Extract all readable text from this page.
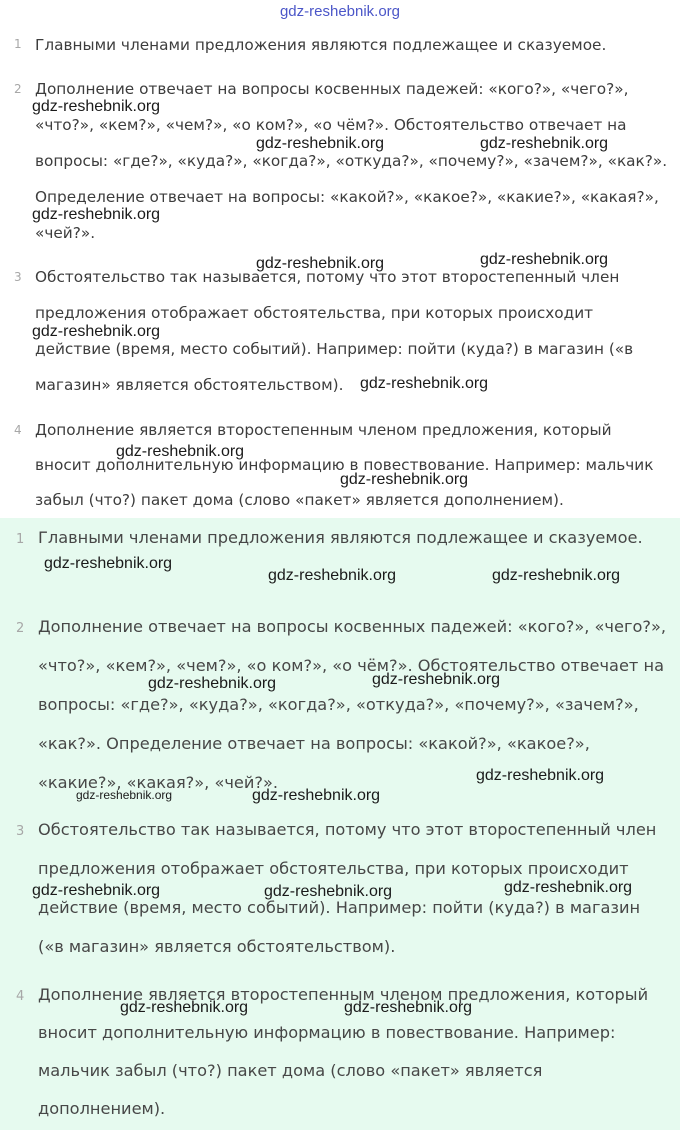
gdz-reshebnik.org
1 Главными членами предложения являются подлежащее и сказуемое.

2 Дополнение отвечает на вопросы косвенных падежей: «кого?», «чего?», «что?», «кем?», «чем?», «о ком?», «о чём?». Обстоятельство отвечает на вопросы: «где?», «куда?», «когда?», «откуда?», «почему?», «зачем?», «как?». Определение отвечает на вопросы: «какой?», «какое?», «какие?», «какая?», «чей?».

3 Обстоятельство так называется, потому что этот второстепенный член предложения отображает обстоятельства, при которых происходит действие (время, место событий). Например: пойти (куда?) в магазин («в магазин» является обстоятельством).

4 Дополнение является второстепенным членом предложения, который вносит дополнительную информацию в повествование. Например: мальчик забыл (что?) пакет дома (слово «пакет» является дополнением).

1 Главными членами предложения являются подлежащее и сказуемое.

2 Дополнение отвечает на вопросы косвенных падежей: «кого?», «чего?», «что?», «кем?», «чем?», «о ком?», «о чём?». Обстоятельство отвечает на вопросы: «где?», «куда?», «когда?», «откуда?», «почему?», «зачем?», «как?». Определение отвечает на вопросы: «какой?», «какое?», «какие?», «какая?», «чей?».

3 Обстоятельство так называется, потому что этот второстепенный член предложения отображает обстоятельства, при которых происходит действие (время, место событий). Например: пойти (куда?) в магазин («в магазин» является обстоятельством).

4 Дополнение является второстепенным членом предложения, который вносит дополнительную информацию в повествование. Например: мальчик забыл (что?) пакет дома (слово «пакет» является дополнением).

gdz-reshebnik.org
gdz-reshebnik.org	gdz-reshebnik.org
gdz-reshebnik.org
gdz-reshebnik.org	gdz-reshebnik.org
gdz-reshebnik.org
gdz-reshebnik.org
gdz-reshebnik.org
gdz-reshebnik.org
gdz-reshebnik.org
gdz-reshebnik.org	gdz-reshebnik.org
gdz-reshebnik.org	gdz-reshebnik.org
gdz-reshebnik.org
gdz-reshebnik.org	gdz-reshebnik.org
gdz-reshebnik.org	gdz-reshebnik.org	gdz-reshebnik.org
gdz-reshebnik.org	gdz-reshebnik.org
